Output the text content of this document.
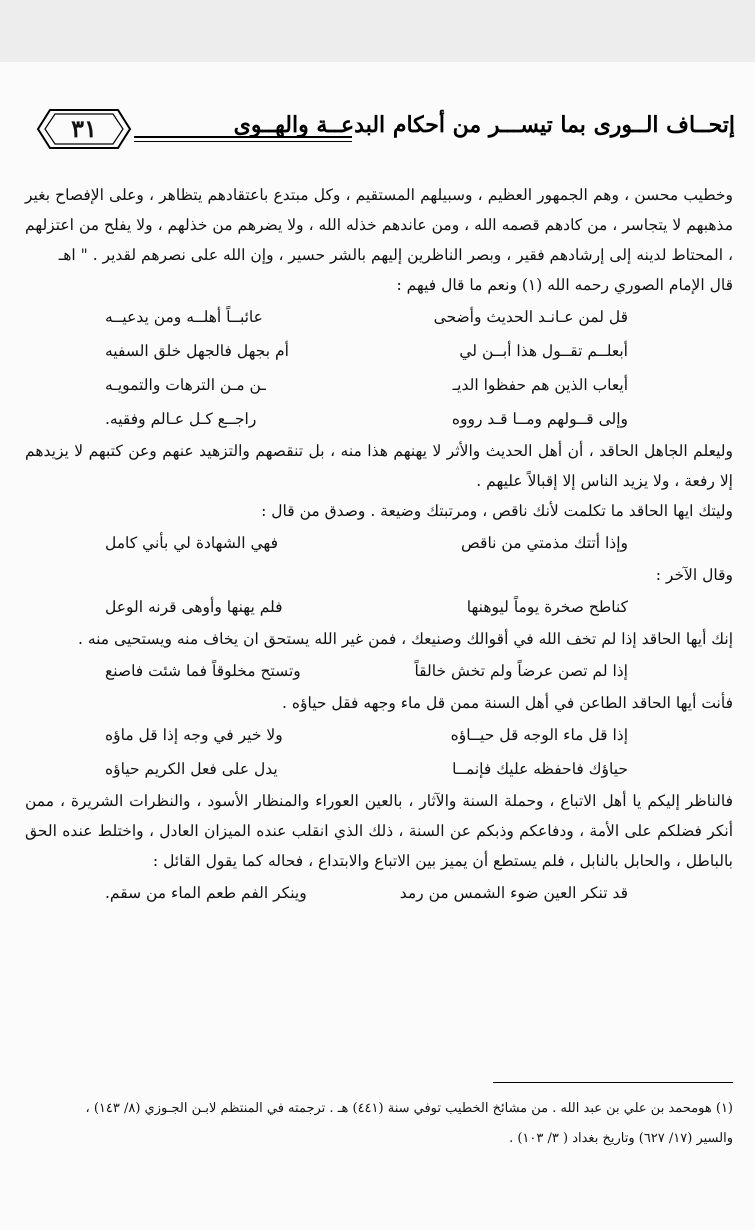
إتحــاف الــورى بما تيســـر من أحكام البدعــة والهــوى
٣١

وخطيب محسن ، وهم الجمهور العظيم ، وسبيلهم المستقيم ، وكل مبتدع باعتقادهم يتظاهر ، وعلى الإفصاح بغير مذهبهم لا يتجاسر ، من كادهم قصمه الله ، ومن عاندهم خذله الله ، ولا يضرهم من خذلهم ، ولا يفلح من اعتزلهم ، المحتاط لدينه إلى إرشادهم فقير ، وبصر الناظرين إليهم بالشر حسير ، وإن الله على نصرهم لقدير . " اهـ

قال الإمام الصوري رحمه الله (١) ونعم ما قال فيهم :

قل لمن عـانـد الحديث وأضحى
عائبــاً أهلــه ومن يدعيــه
أبعلــم تقــول هذا أبــن لي
أم بجهل فالجهل خلق السفيه
أيعاب الذين هم حفظوا الديـ
ـن مـن الترهات والتمويـه
وإلى قــولهم ومــا قـد رووه
راجــع كـل عـالم وفقيه.

وليعلم الجاهل الحاقد ، أن أهل الحديث والأثر لا يهنهم هذا منه ، بل تنقصهم والتزهيد عنهم وعن كتبهم لا يزيدهم إلا رفعة ، ولا يزيد الناس إلا إقبالاً عليهم .

وليتك ايها الحاقد ما تكلمت لأنك ناقص ، ومرتبتك وضيعة . وصدق من قال :

وإذا أتتك مذمتي من ناقص
فهي الشهادة لي بأني كامل

وقال الآخر :

كناطح صخرة يوماً ليوهنها
فلم يهنها وأوهى قرنه الوعل

إنك أيها الحاقد إذا لم تخف الله في أقوالك وصنيعك ، فمن غير الله يستحق ان يخاف منه ويستحيى منه .

إذا لم تصن عرضاً ولم تخش خالقاً
وتستح مخلوقاً فما شئت فاصنع

فأنت أيها الحاقد الطاعن في أهل السنة ممن قل ماء وجهه فقل حياؤه .

إذا قل ماء الوجه قل حيــاؤه
ولا خير في وجه إذا قل ماؤه
حياؤك فاحفظه عليك فإنمــا
يدل على فعل الكريم حياؤه

فالناظر إليكم يا أهل الاتباع ، وحملة السنة والآثار ، بالعين العوراء والمنظار الأسود ، والنظرات الشريرة ، ممن أنكر فضلكم على الأمة ، ودفاعكم وذبكم عن السنة ، ذلك الذي انقلب عنده الميزان العادل ، واختلط عنده الحق بالباطل ، والحابل بالنابل ، فلم يستطع أن يميز بين الاتباع والابتداع ، فحاله كما يقول القائل :

قد تنكر العين ضوء الشمس من رمد
وينكر الفم طعم الماء من سقم.
(١) هومحمد بن علي بن عبد الله . من مشائخ الخطيب توفي سنة (٤٤١) هـ . ترجمته في المنتظم لابـن الجـوزي (٨/ ١٤٣) ،
والسير (١٧/ ٦٢٧) وتاريخ بغداد ( ٣/ ١٠٣) .
